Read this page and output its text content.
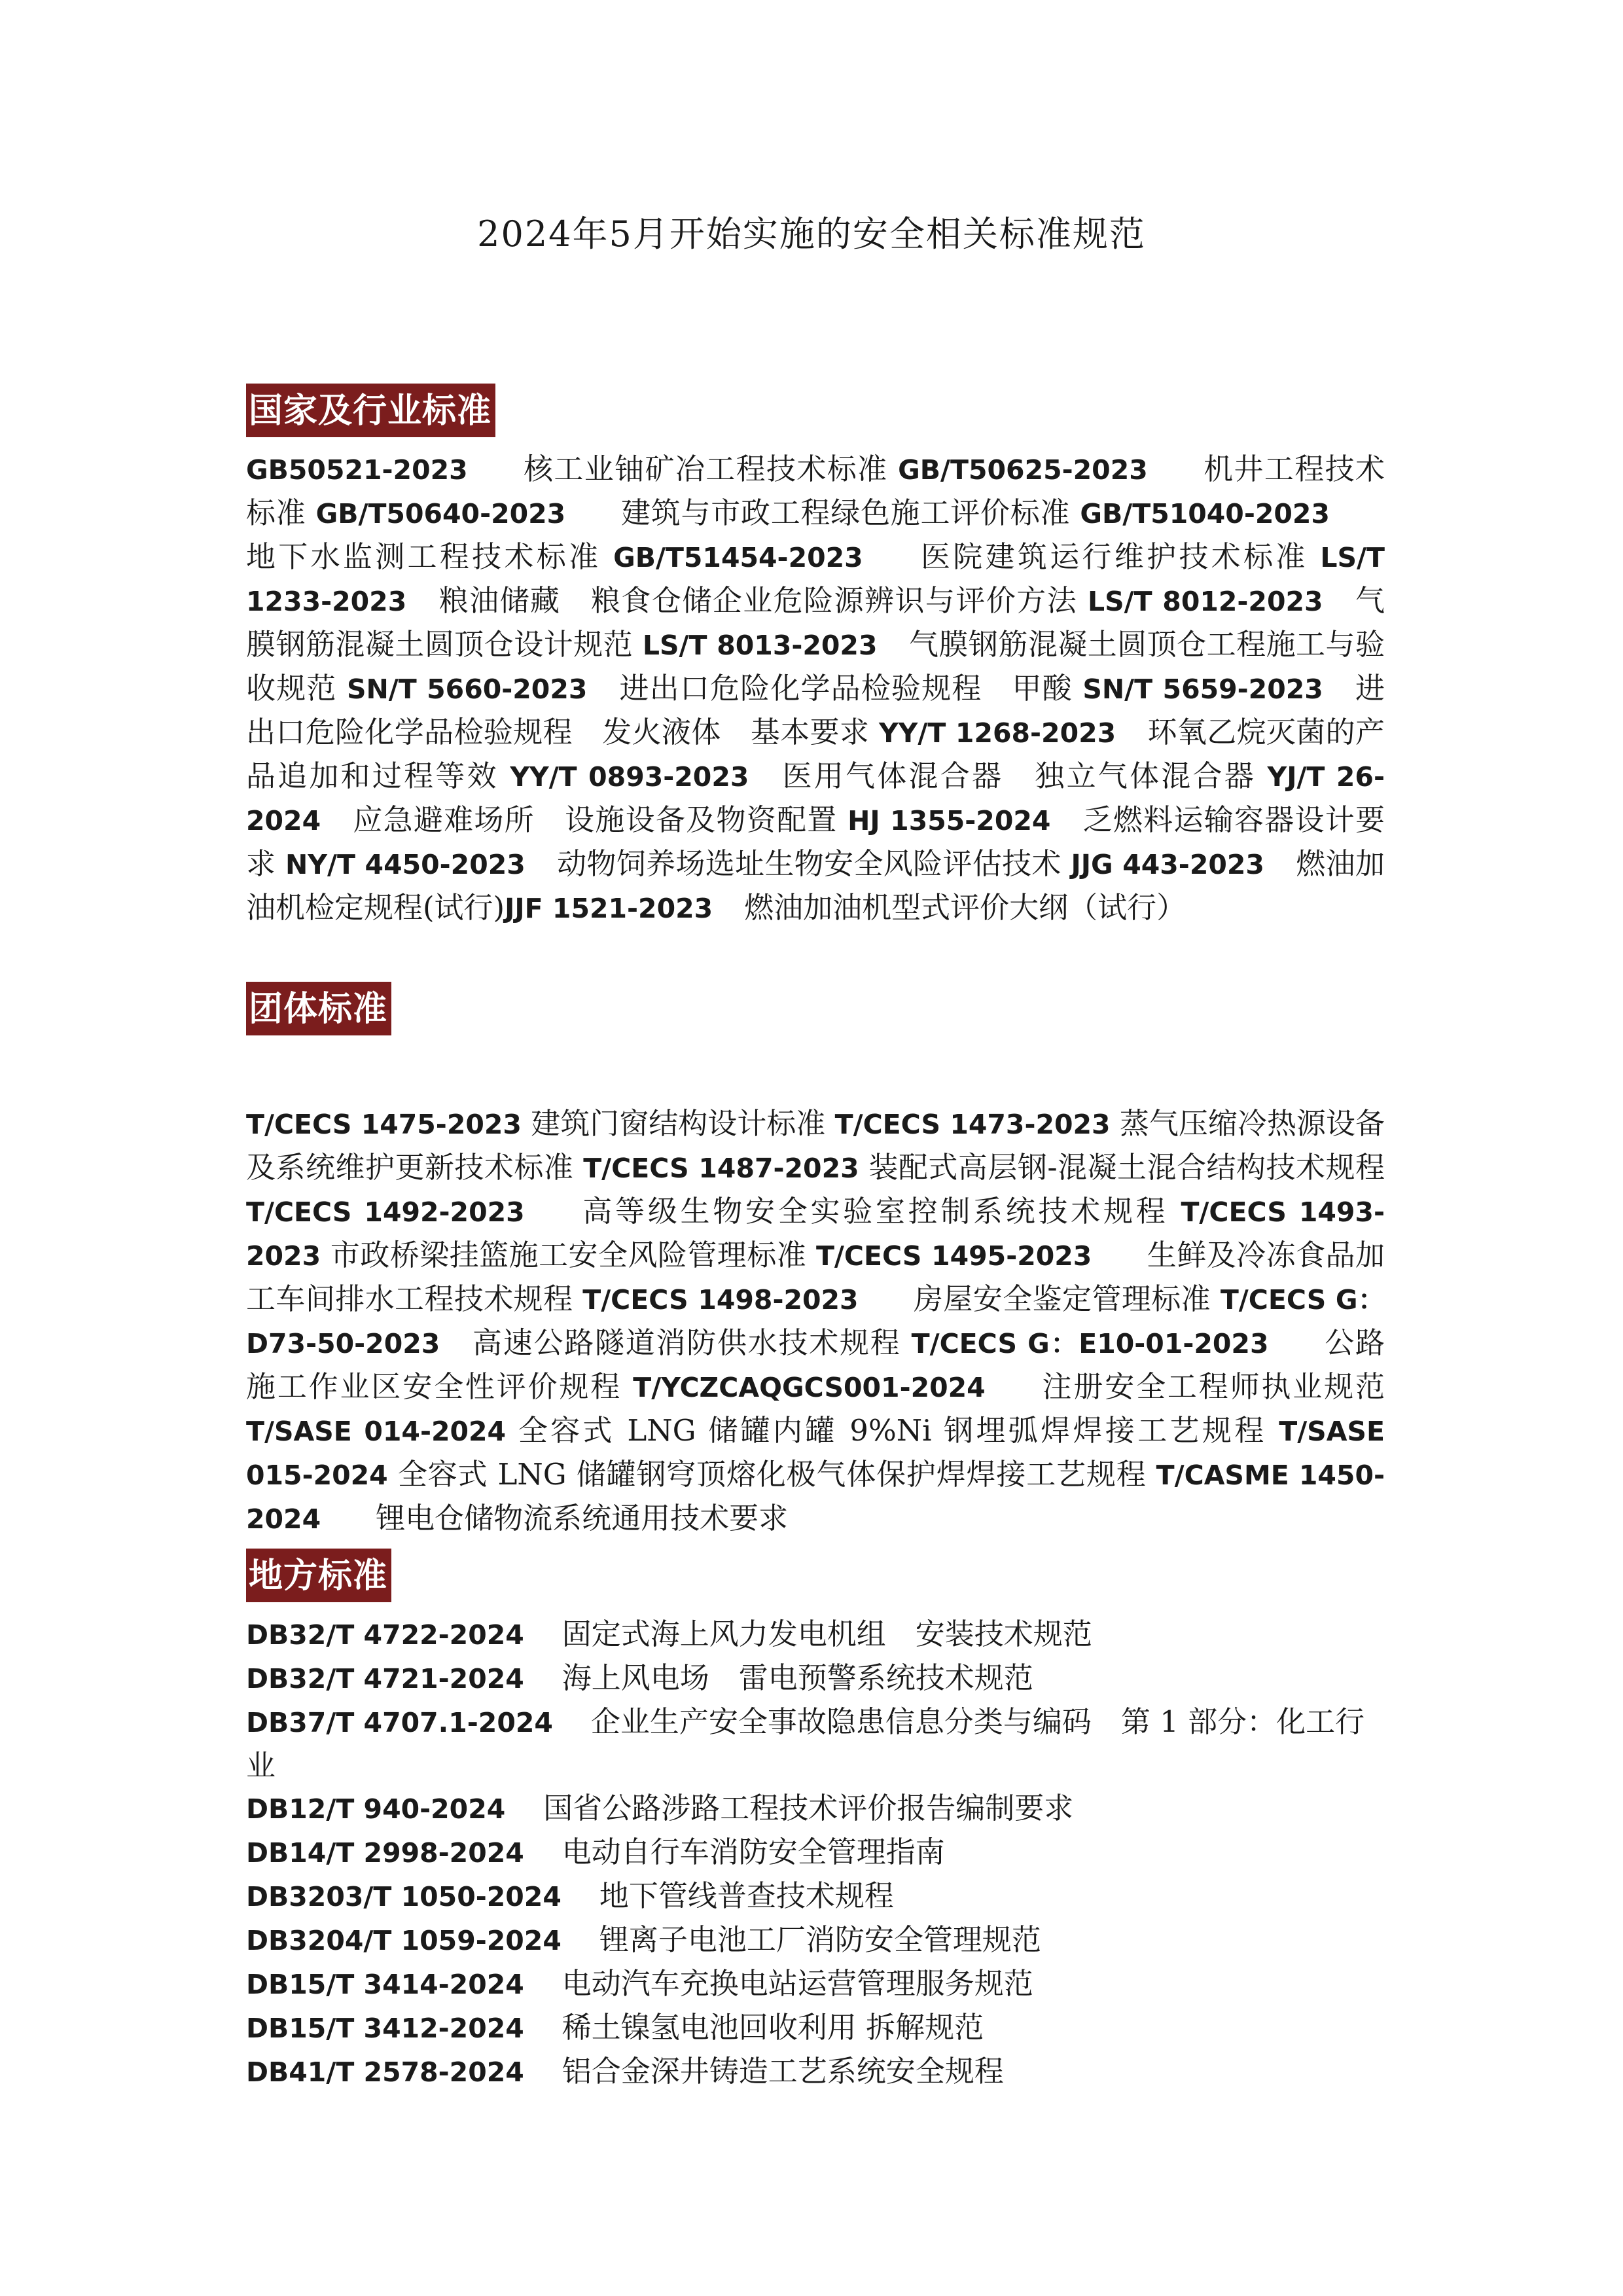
2024年5月开始实施的安全相关标准规范
国家及行业标准

GB50521-2023 核工业铀矿冶工程技术标准 GB/T50625-2023 机井工程技术标准 GB/T50640-2023 建筑与市政工程绿色施工评价标准 GB/T51040-2023地下水监测工程技术标准 GB/T51454-2023 医院建筑运行维护技术标准 LS/T 1233-2023 粮油储藏　粮食仓储企业危险源辨识与评价方法 LS/T 8012-2023 气膜钢筋混凝土圆顶仓设计规范 LS/T 8013-2023 气膜钢筋混凝土圆顶仓工程施工与验收规范 SN/T 5660-2023 进出口危险化学品检验规程　甲酸 SN/T 5659-2023 进出口危险化学品检验规程　发火液体　基本要求 YY/T 1268-2023 环氧乙烷灭菌的产品追加和过程等效 YY/T 0893-2023 医用气体混合器　独立气体混合器 YJ/T 26-2024 应急避难场所　设施设备及物资配置 HJ 1355-2024 乏燃料运输容器设计要求 NY/T 4450-2023 动物饲养场选址生物安全风险评估技术 JJG 443-2023 燃油加油机检定规程(试行)JJF 1521-2023 燃油加油机型式评价大纲（试行）

团体标准

T/CECS 1475-2023 建筑门窗结构设计标准 T/CECS 1473-2023 蒸气压缩冷热源设备及系统维护更新技术标准 T/CECS 1487-2023 装配式高层钢-混凝土混合结构技术规程 T/CECS 1492-2023 高等级生物安全实验室控制系统技术规程 T/CECS 1493-2023 市政桥梁挂篮施工安全风险管理标准 T/CECS 1495-2023 生鲜及冷冻食品加工车间排水工程技术规程 T/CECS 1498-2023 房屋安全鉴定管理标准 T/CECS G：D73-50-2023 高速公路隧道消防供水技术规程 T/CECS G：E10-01-2023 公路施工作业区安全性评价规程 T/YCZCAQGCS001-2024 注册安全工程师执业规范 T/SASE 014-2024 全容式 LNG 储罐内罐 9%Ni 钢埋弧焊焊接工艺规程 T/SASE 015-2024 全容式 LNG 储罐钢穹顶熔化极气体保护焊焊接工艺规程 T/CASME 1450-2024 锂电仓储物流系统通用技术要求

地方标准

DB32/T 4722-2024 固定式海上风力发电机组　安装技术规范

DB32/T 4721-2024 海上风电场　雷电预警系统技术规范

DB37/T 4707.1-2024 企业生产安全事故隐患信息分类与编码　第 1 部分：化工行业

DB12/T 940-2024 国省公路涉路工程技术评价报告编制要求

DB14/T 2998-2024 电动自行车消防安全管理指南

DB3203/T 1050-2024 地下管线普查技术规程

DB3204/T 1059-2024 锂离子电池工厂消防安全管理规范

DB15/T 3414-2024 电动汽车充换电站运营管理服务规范

DB15/T 3412-2024 稀土镍氢电池回收利用 拆解规范

DB41/T 2578-2024 铝合金深井铸造工艺系统安全规程
